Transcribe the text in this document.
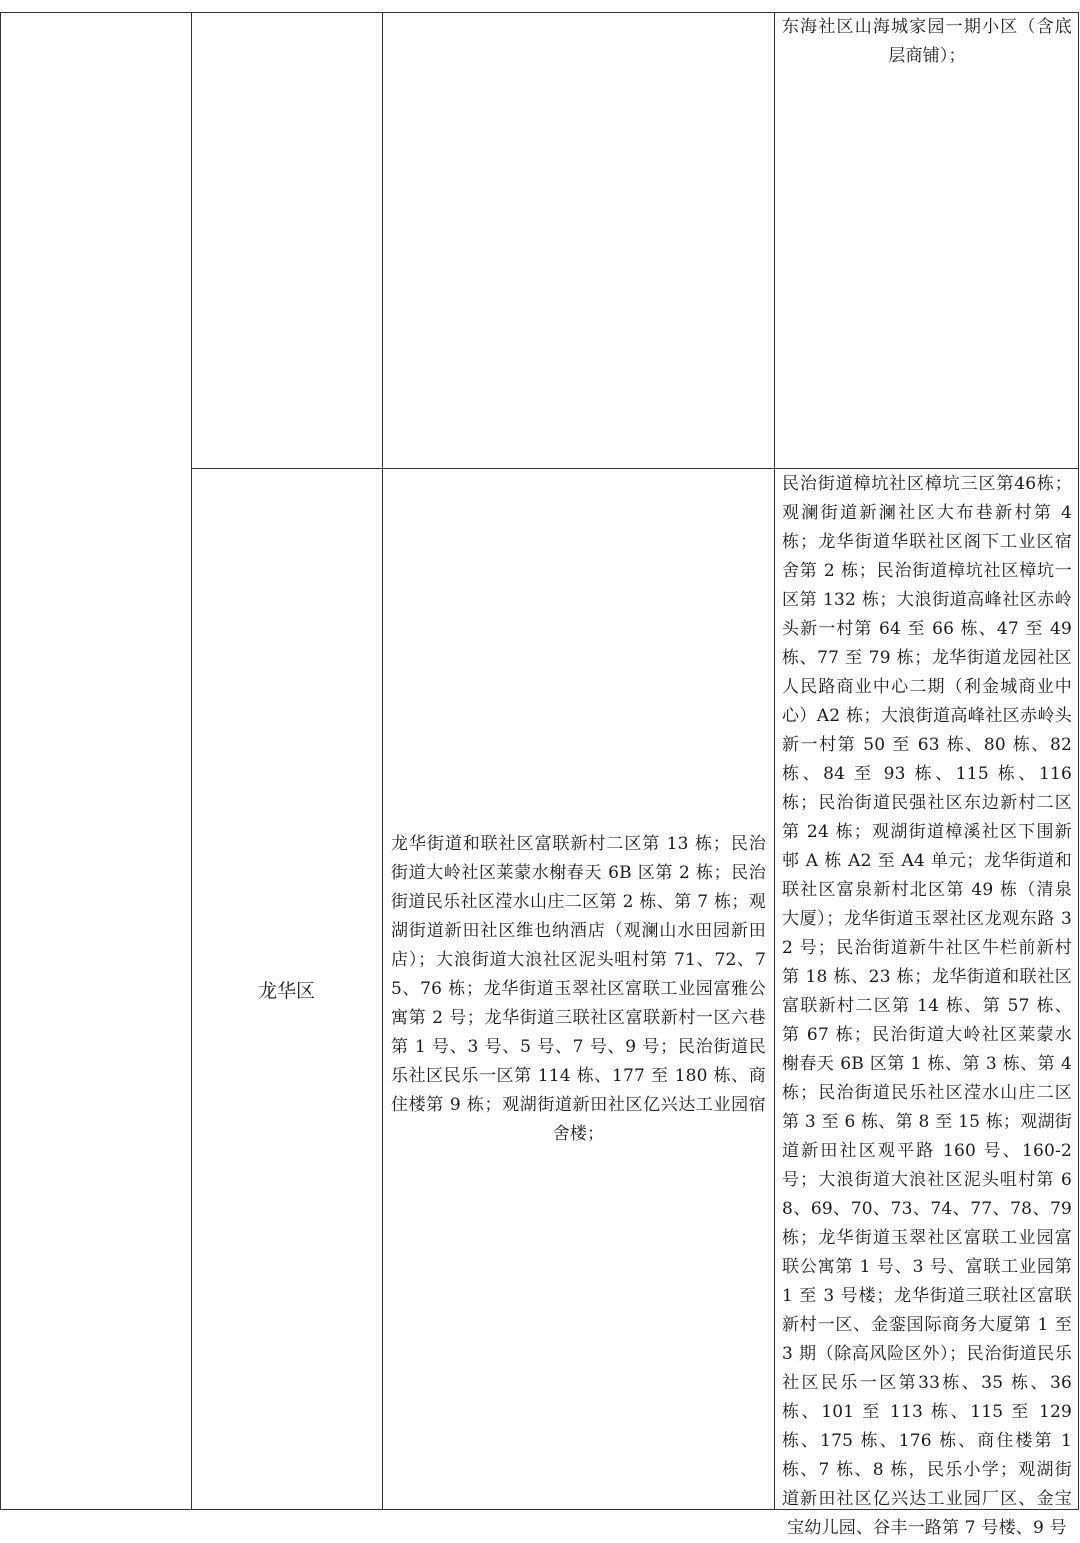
东海社区山海城家园一期小区（含底层商铺）；
龙华区
龙华街道和联社区富联新村二区第 13 栋；民治街道大岭社区莱蒙水榭春天 6B 区第 2 栋；民治街道民乐社区滢水山庄二区第 2 栋、第 7 栋；观湖街道新田社区维也纳酒店（观澜山水田园新田店）；大浪街道大浪社区泥头咀村第 71、72、75、76 栋；龙华街道玉翠社区富联工业园富雅公寓第 2 号；龙华街道三联社区富联新村一区六巷第 1 号、3 号、5 号、7 号、9 号；民治街道民乐社区民乐一区第 114 栋、177 至 180 栋、商住楼第 9 栋；观湖街道新田社区亿兴达工业园宿舍楼；
民治街道樟坑社区樟坑三区第46栋；观澜街道新澜社区大布巷新村第 4 栋；龙华街道华联社区阁下工业区宿舍第 2 栋；民治街道樟坑社区樟坑一区第 132 栋；大浪街道高峰社区赤岭头新一村第 64 至 66 栋、47 至 49 栋、77 至 79 栋；龙华街道龙园社区人民路商业中心二期（利金城商业中心）A2 栋；大浪街道高峰社区赤岭头新一村第 50 至 63 栋、80 栋、82 栋、84 至 93 栋、115 栋、116 栋；民治街道民强社区东边新村二区第 24 栋；观湖街道樟溪社区下围新邨 A 栋 A2 至 A4 单元；龙华街道和联社区富泉新村北区第 49 栋（清泉大厦）；龙华街道玉翠社区龙观东路 32 号；民治街道新牛社区牛栏前新村第 18 栋、23 栋；龙华街道和联社区富联新村二区第 14 栋、第 57 栋、第 67 栋；民治街道大岭社区莱蒙水榭春天 6B 区第 1 栋、第 3 栋、第 4 栋；民治街道民乐社区滢水山庄二区第 3 至 6 栋、第 8 至 15 栋；观湖街道新田社区观平路 160 号、160-2 号；大浪街道大浪社区泥头咀村第 68、69、70、73、74、77、78、79 栋；龙华街道玉翠社区富联工业园富联公寓第 1 号、3 号、富联工业园第 1 至 3 号楼；龙华街道三联社区富联新村一区、金銮国际商务大厦第 1 至 3 期（除高风险区外）；民治街道民乐社区民乐一区第33栋、35 栋、36 栋、101 至 113 栋、115 至 129 栋、175 栋、176 栋、商住楼第 1 栋、7 栋、8 栋，民乐小学；观湖街道新田社区亿兴达工业园厂区、金宝宝幼儿园、谷丰一路第 7 号楼、9 号
